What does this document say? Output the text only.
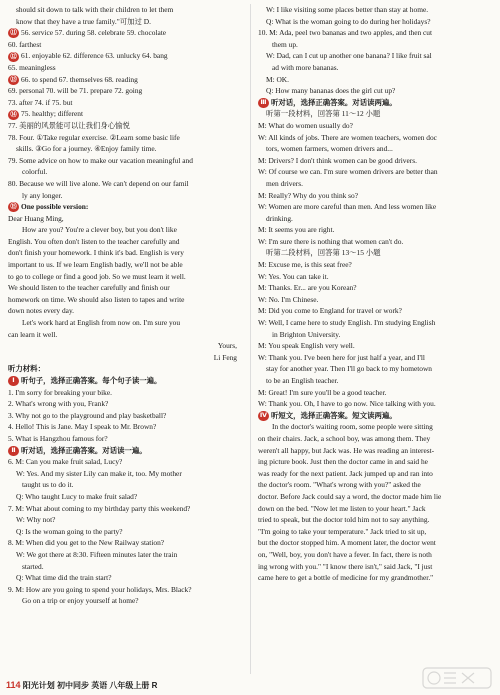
should sit down to talk with their children to let them
know that they have a true family."可加过 D.
⑪ 56. service 57. during 58. celebrate 59. chocolate
60. farthest
⑫ 61. enjoyable 62. difference 63. unlucky 64. bang
65. meaningless
⑬ 66. to spend 67. themselves 68. reading
69. personal 70. will be 71. prepare 72. going
73. after 74. if 75. but
⑭ 75. healthy; different
77. 美丽的风景能可以让我们身心愉悦
78. Four. ①Take regular exercise. ②Learn some basic life
skills. ③Go for a journey. ④Enjoy family time.
79. Some advice on how to make our vacation meaningful and
colorful.
80. Because we will live alone. We can't depend on our famil
ly any longer.
⑮ One possible version:
Dear Huang Ming,
How are you? You're a clever boy, but you don't like
English. You often don't listen to the teacher carefully and
don't finish your homework. I think it's bad. English is very
important to us. If we learn English badly, we'll not be able
to go to college or find a good job. So we must learn it well.
We should listen to the teacher carefully and finish our
homework on time. We should also listen to tapes and write
down notes every day.
Let's work hard at English from now on. I'm sure you
can learn it well.
Yours,
Li Feng
听力材料：
Ⅰ 听句子，选择正确答案。每个句子读一遍。
1. I'm sorry for breaking your bike.
2. What's wrong with you, Frank?
3. Why not go to the playground and play basketball?
4. Hello! This is Jane. May I speak to Mr. Brown?
5. What is Hangzhou famous for?
Ⅱ 听对话，选择正确答案。对话读一遍。
6. M: Can you make fruit salad, Lucy?
W: Yes. And my sister Lily can make it, too. My mother
taught us to do it.
Q: Who taught Lucy to make fruit salad?
7. M: What about coming to my birthday party this weekend?
W: Why not?
Q: Is the woman going to the party?
8. M: When did you get to the New Railway station?
W: We got there at 8:30. Fifteen minutes later the train
started.
Q: What time did the train start?
9. M: How are you going to spend your holidays, Mrs. Black?
Go on a trip or enjoy yourself at home?
W: I like visiting some places better than stay at home.
Q: What is the woman going to do during her holidays?
10. M: Ada, peel two bananas and two apples, and then cut
them up.
W: Dad, can I cut up another one banana? I like fruit sal
ad with more bananas.
M: OK.
Q: How many bananas does the girl cut up?
Ⅲ 听对话，选择正确答案。对话读两遍。
听第一段材料，回答第 11～12 小题
M: What do women usually do?
W: All kinds of jobs. There are women teachers, women doc
tors, women farmers, women drivers and...
M: Drivers? I don't think women can be good drivers.
W: Of course we can. I'm sure women drivers are better than
men drivers.
M: Really? Why do you think so?
W: Women are more careful than men. And less women like
drinking.
M: It seems you are right.
W: I'm sure there is nothing that women can't do.
听第二段材料，回答第 13～15 小题
M: Excuse me, is this seat free?
W: Yes. You can take it.
M: Thanks. Er... are you Korean?
W: No. I'm Chinese.
M: Did you come to England for travel or work?
W: Well, I came here to study English. I'm studying English
in Brighton University.
M: You speak English very well.
W: Thank you. I've been here for just half a year, and I'll
stay for another year. Then I'll go back to my hometown
to be an English teacher.
M: Great! I'm sure you'll be a good teacher.
W: Thank you. Oh, I have to go now. Nice talking with you.
Ⅳ 听短文，选择正确答案。短文读两遍。
In the doctor's waiting room, some people were sitting
on their chairs. Jack, a school boy, was among them. They
weren't all happy, but Jack was. He was reading an interest-
ing picture book. Just then the doctor came in and said he
was ready for the next patient. Jack jumped up and ran into
the doctor's room. "What's wrong with you?" asked the
doctor. Before Jack could say a word, the doctor made him lie
down on the bed. "Now let me listen to your heart." Jack
tried to speak, but the doctor told him not to say anything.
"I'm going to take your temperature." Jack tried to sit up,
but the doctor stopped him. A moment later, the doctor went
on, "Well, boy, you don't have a fever. In fact, there is noth
ing wrong with you." "I know there isn't," said Jack, "I just
came here to get a bottle of medicine for my grandmother."
114 阳光计划 初中同步 英语 八年级上册 R
